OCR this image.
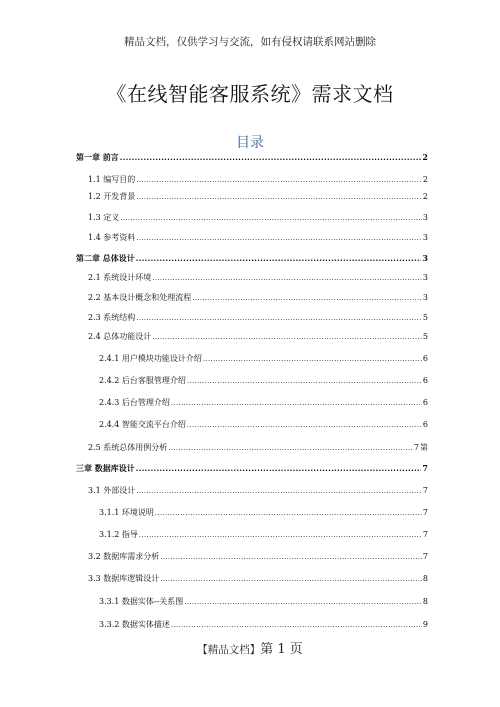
精品文档，仅供学习与交流，如有侵权请联系网站删除
《在线智能客服系统》需求文档
目录
第一章 前言 .....	2
1.1 编写目的 .....	2
1.2 开发背景 .....	2
1.3 定义 .....	3
1.4 参考资料 .....	3
第二章 总体设计 .....	3
2.1 系统设计环境 .....	3
2.2 基本设计概念和处理流程 .....	3
2.3 系统结构 .....	5
2.4 总体功能设计 .....	5
2.4.1 用户模块功能设计介绍 .....	6
2.4.2 后台客服管理介绍 .....	6
2.4.3 后台管理介绍 .....	6
2.4.4 智能交流平台介绍 .....	6
2.5 系统总体用例分析 .....	7 第
三章 数据库设计 .....	7
3.1 外部设计 .....	7
3.1.1 环境说明 .....	7
3.1.2 指导 .....	7
3.2 数据库需求分析 .....	7
3.3 数据库逻辑设计 .....	8
3.3.1 数据实体--关系图 .....	8
3.3.2 数据实体描述 .....	9
【精品文档】第 1 页
